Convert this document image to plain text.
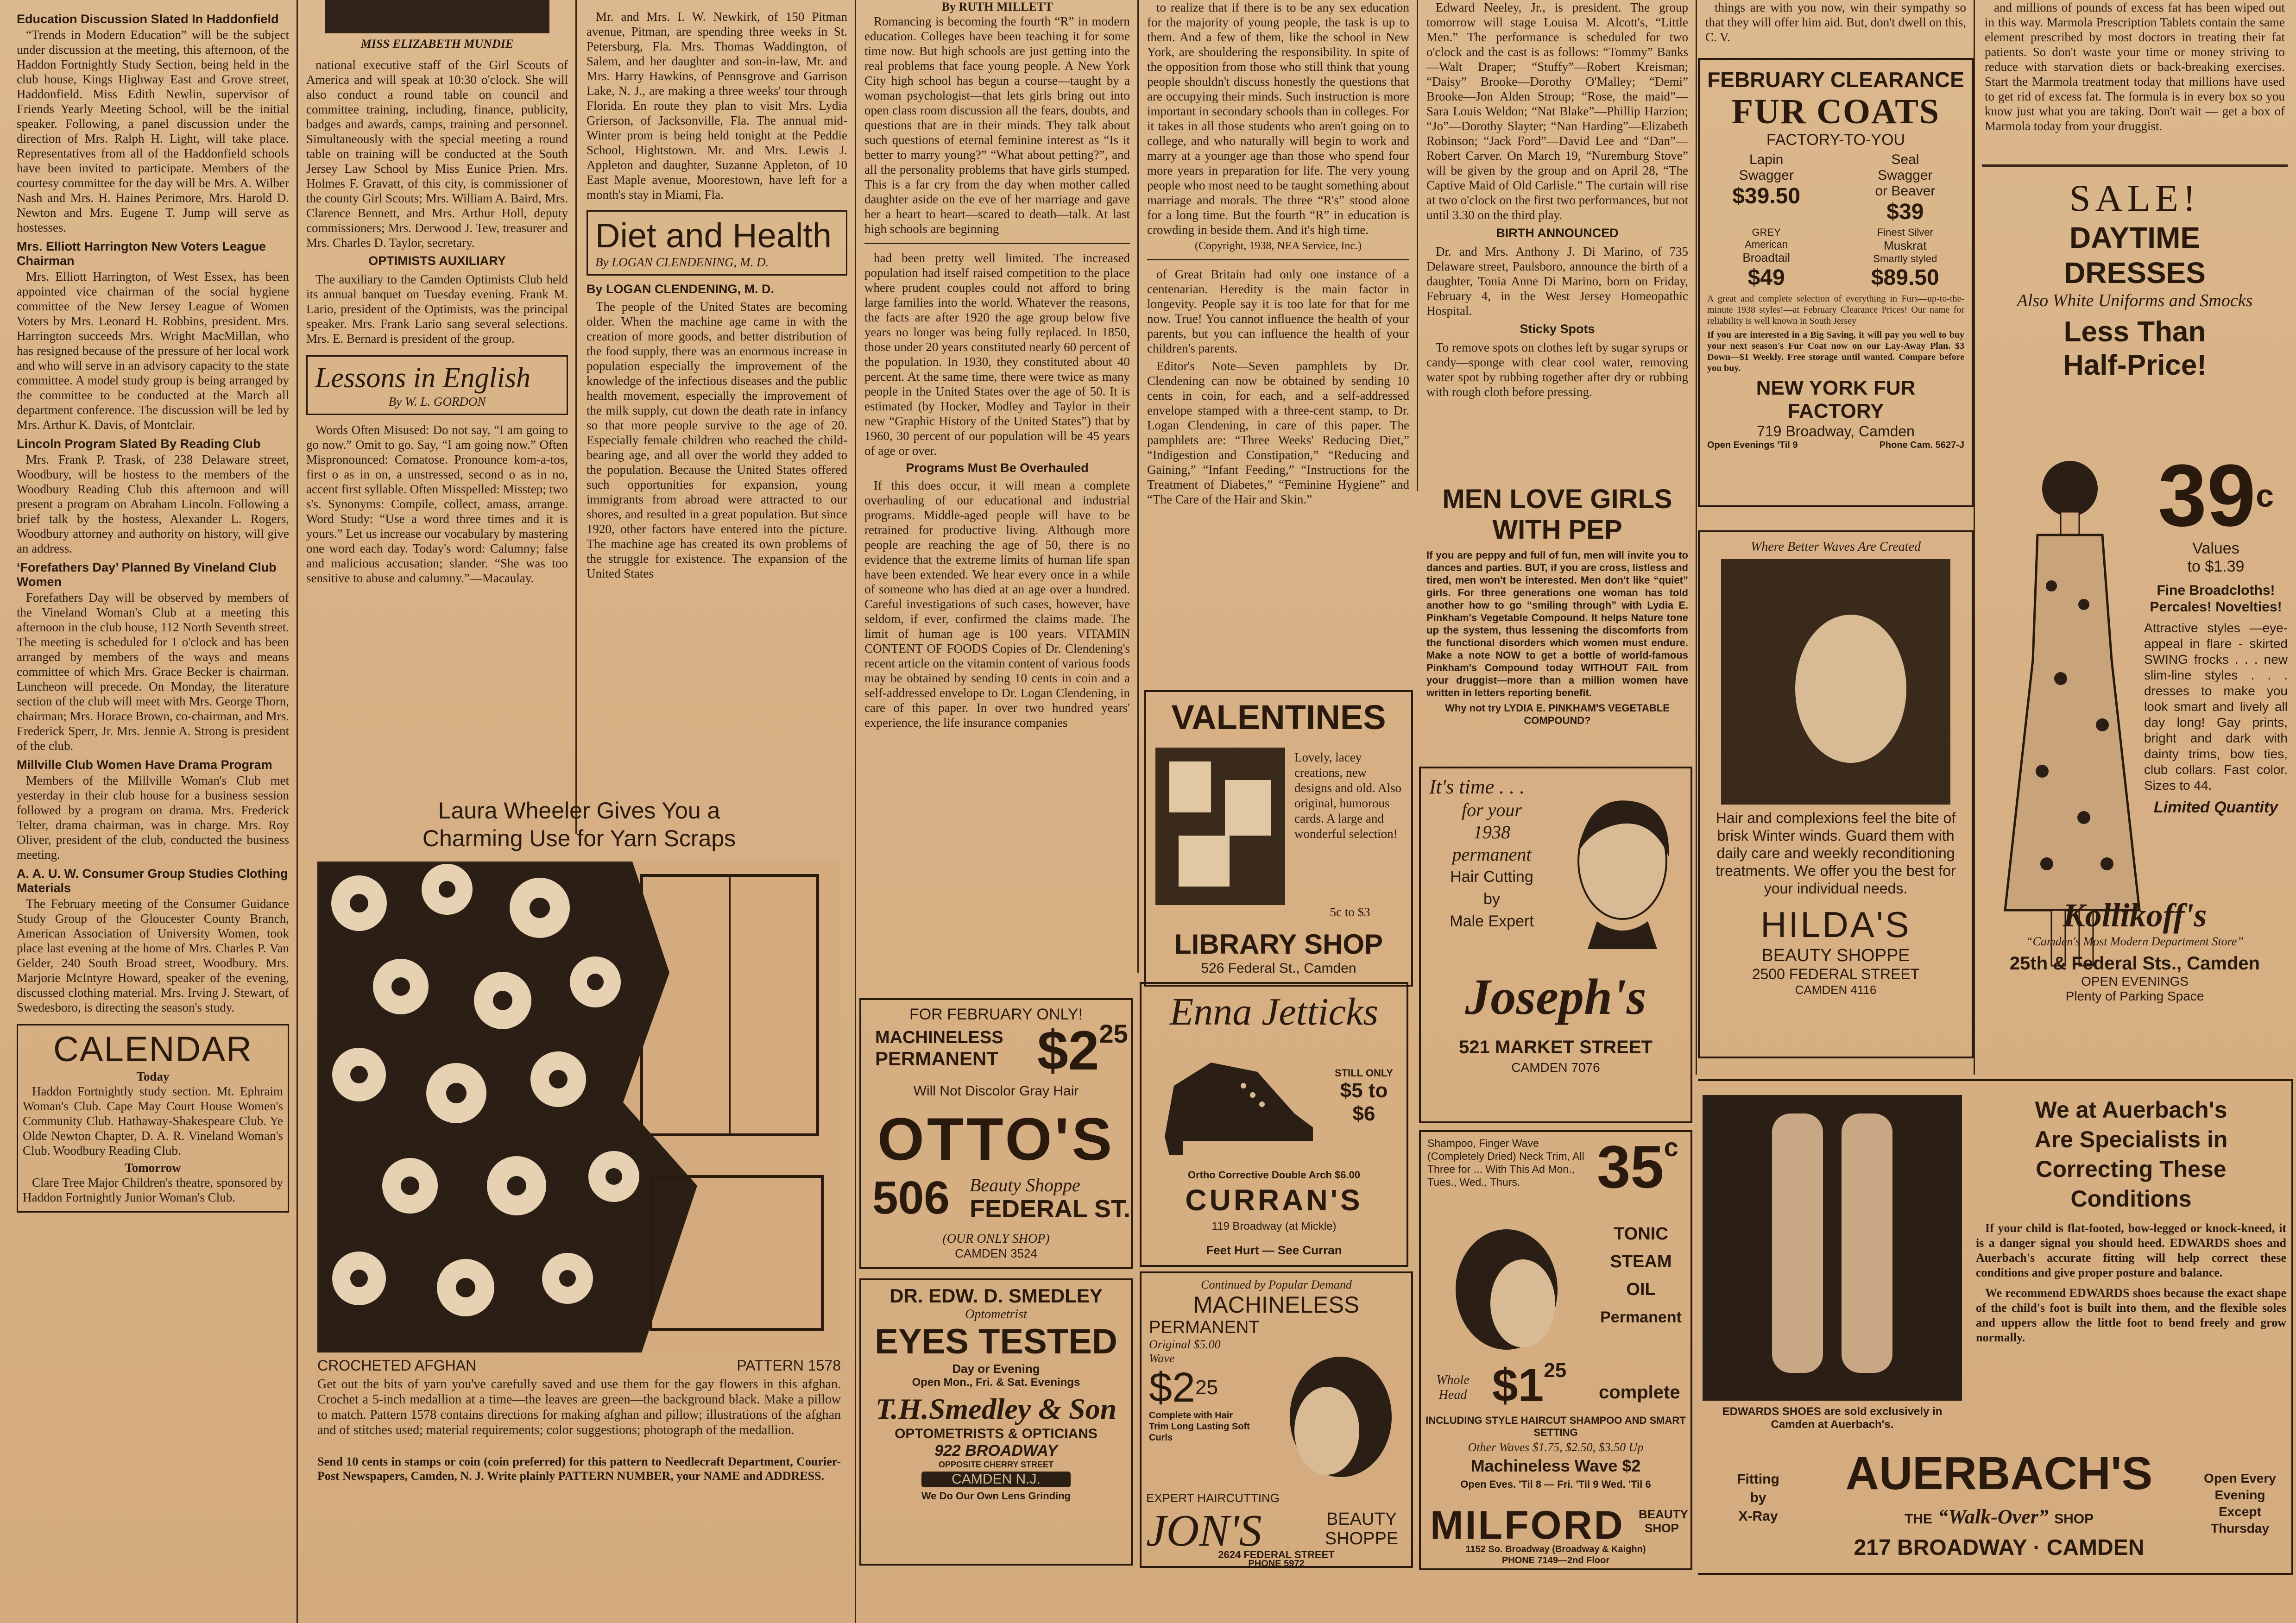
Education Discussion Slated In Haddonfield

“Trends in Modern Education” will be the subject under discussion at the meeting, this afternoon, of the Haddon Fortnightly Study Section, being held in the club house, Kings Highway East and Grove street, Haddonfield. Miss Edith Newlin, supervisor of Friends Yearly Meeting School, will be the initial speaker. Following, a panel discussion under the direction of Mrs. Ralph H. Light, will take place. Representatives from all of the Haddonfield schools have been invited to participate. Members of the courtesy committee for the day will be Mrs. A. Wilber Nash and Mrs. H. Haines Perimore, Mrs. Harold D. Newton and Mrs. Eugene T. Jump will serve as hostesses.

Mrs. Elliott Harrington New Voters League Chairman

Mrs. Elliott Harrington, of West Essex, has been appointed vice chairman of the social hygiene committee of the New Jersey League of Women Voters by Mrs. Leonard H. Robbins, president. Mrs. Harrington succeeds Mrs. Wright MacMillan, who has resigned because of the pressure of her local work and who will serve in an advisory capacity to the state committee. A model study group is being arranged by the committee to be conducted at the March all department conference. The discussion will be led by Mrs. Arthur K. Davis, of Montclair.

Lincoln Program Slated By Reading Club

Mrs. Frank P. Trask, of 238 Delaware street, Woodbury, will be hostess to the members of the Woodbury Reading Club this afternoon and will present a program on Abraham Lincoln. Following a brief talk by the hostess, Alexander L. Rogers, Woodbury attorney and authority on history, will give an address.

‘Forefathers Day’ Planned By Vineland Club Women

Forefathers Day will be observed by members of the Vineland Woman's Club at a meeting this afternoon in the club house, 112 North Seventh street. The meeting is scheduled for 1 o'clock and has been arranged by members of the ways and means committee of which Mrs. Grace Becker is chairman. Luncheon will precede. On Monday, the literature section of the club will meet with Mrs. George Thorn, chairman; Mrs. Horace Brown, co-chairman, and Mrs. Frederick Sperr, Jr. Mrs. Jennie A. Strong is president of the club.

Millville Club Women Have Drama Program

Members of the Millville Woman's Club met yesterday in their club house for a business session followed by a program on drama. Mrs. Frederick Telter, drama chairman, was in charge. Mrs. Roy Oliver, president of the club, conducted the business meeting.

A. A. U. W. Consumer Group Studies Clothing Materials

The February meeting of the Consumer Guidance Study Group of the Gloucester County Branch, American Association of University Women, took place last evening at the home of Mrs. Charles P. Van Gelder, 240 South Broad street, Woodbury. Mrs. Marjorie McIntyre Howard, speaker of the evening, discussed clothing material. Mrs. Irving J. Stewart, of Swedesboro, is directing the season's study.

CALENDAR
Today

Haddon Fortnightly study section. Mt. Ephraim Woman's Club. Cape May Court House Women's Community Club. Hathaway-Shakespeare Club. Ye Olde Newton Chapter, D. A. R. Vineland Woman's Club. Woodbury Reading Club.

Tomorrow

Clare Tree Major Children's theatre, sponsored by Haddon Fortnightly Junior Woman's Club.

MISS ELIZABETH MUNDIE

national executive staff of the Girl Scouts of America and will speak at 10:30 o'clock. She will also conduct a round table on council and committee training, including, finance, publicity, badges and awards, camps, training and personnel. Simultaneously with the special meeting a round table on training will be conducted at the South Jersey Law School by Miss Eunice Prien. Mrs. Holmes F. Gravatt, of this city, is commissioner of the county Girl Scouts; Mrs. William A. Baird, Mrs. Clarence Bennett, and Mrs. Arthur Holl, deputy commissioners; Mrs. Derwood J. Tew, treasurer and Mrs. Charles D. Taylor, secretary.

OPTIMISTS AUXILIARY

The auxiliary to the Camden Optimists Club held its annual banquet on Tuesday evening. Frank M. Lario, president of the Optimists, was the principal speaker. Mrs. Frank Lario sang several selections. Mrs. E. Bernard is president of the group.

Lessons in English
By W. L. GORDON

Words Often Misused: Do not say, “I am going to go now.” Omit to go. Say, “I am going now.” Often Mispronounced: Comatose. Pronounce kom-a-tos, first o as in on, a unstressed, second o as in no, accent first syllable. Often Misspelled: Misstep; two s's. Synonyms: Compile, collect, amass, arrange. Word Study: “Use a word three times and it is yours.” Let us increase our vocabulary by mastering one word each day. Today's word: Calumny; false and malicious accusation; slander. “She was too sensitive to abuse and calumny.”—Macaulay.

Mr. and Mrs. I. W. Newkirk, of 150 Pitman avenue, Pitman, are spending three weeks in St. Petersburg, Fla. Mrs. Thomas Waddington, of Salem, and her daughter and son-in-law, Mr. and Mrs. Harry Hawkins, of Pennsgrove and Garrison Lake, N. J., are making a three weeks' tour through Florida. En route they plan to visit Mrs. Lydia Grierson, of Jacksonville, Fla. The annual mid-Winter prom is being held tonight at the Peddie School, Hightstown. Mr. and Mrs. Lewis J. Appleton and daughter, Suzanne Appleton, of 10 East Maple avenue, Moorestown, have left for a month's stay in Miami, Fla.

Diet and Health
By LOGAN CLENDENING, M. D.
By LOGAN CLENDENING, M. D.

The people of the United States are becoming older. When the machine age came in with the creation of more goods, and better distribution of the food supply, there was an enormous increase in population especially the improvement of the knowledge of the infectious diseases and the public health movement, especially the improvement of the milk supply, cut down the death rate in infancy so that more people survive to the age of 20. Especially female children who reached the child-bearing age, and all over the world they added to the population. Because the United States offered such opportunities for expansion, young immigrants from abroad were attracted to our shores, and resulted in a great population. But since 1920, other factors have entered into the picture. The machine age has created its own problems of the struggle for existence. The expansion of the United States

By RUTH MILLETT

Romancing is becoming the fourth “R” in modern education. Colleges have been teaching it for some time now. But high schools are just getting into the real problems that face young people. A New York City high school has begun a course—taught by a woman psychologist—that lets girls bring out into open class room discussion all the fears, doubts, and questions that are in their minds. They talk about such questions of eternal feminine interest as “Is it better to marry young?” “What about petting?”, and all the personality problems that have girls stumped. This is a far cry from the day when mother called daughter aside on the eve of her marriage and gave her a heart to heart—scared to death—talk. At last high schools are beginning

had been pretty well limited. The increased population had itself raised competition to the place where prudent couples could not afford to bring large families into the world. Whatever the reasons, the facts are after 1920 the age group below five years no longer was being fully replaced. In 1850, those under 20 years constituted nearly 60 percent of the population. In 1930, they constituted about 40 percent. At the same time, there were twice as many people in the United States over the age of 50. It is estimated (by Hocker, Modley and Taylor in their new “Graphic History of the United States”) that by 1960, 30 percent of our population will be 45 years of age or over.

Programs Must Be Overhauled

If this does occur, it will mean a complete overhauling of our educational and industrial programs. Middle-aged people will have to be retrained for productive living. Although more people are reaching the age of 50, there is no evidence that the extreme limits of human life span have been extended. We hear every once in a while of someone who has died at an age over a hundred. Careful investigations of such cases, however, have seldom, if ever, confirmed the claims made. The limit of human age is 100 years. VITAMIN CONTENT OF FOODS Copies of Dr. Clendening's recent article on the vitamin content of various foods may be obtained by sending 10 cents in coin and a self-addressed envelope to Dr. Logan Clendening, in care of this paper. In over two hundred years' experience, the life insurance companies

to realize that if there is to be any sex education for the majority of young people, the task is up to them. And a few of them, like the school in New York, are shouldering the responsibility. In spite of the opposition from those who still think that young people shouldn't discuss honestly the questions that are occupying their minds. Such instruction is more important in secondary schools than in colleges. For it takes in all those students who aren't going on to college, and who naturally will begin to work and marry at a younger age than those who spend four more years in preparation for life. The very young people who most need to be taught something about marriage and morals. The three “R's” stood alone for a long time. But the fourth “R” in education is crowding in beside them. And it's high time.

(Copyright, 1938, NEA Service, Inc.)

of Great Britain had only one instance of a centenarian. Heredity is the main factor in longevity. People say it is too late for that for me now. True! You cannot influence the health of your parents, but you can influence the health of your children's parents.

Editor's Note—Seven pamphlets by Dr. Clendening can now be obtained by sending 10 cents in coin, for each, and a self-addressed envelope stamped with a three-cent stamp, to Dr. Logan Clendening, in care of this paper. The pamphlets are: “Three Weeks' Reducing Diet,” “Indigestion and Constipation,” “Reducing and Gaining,” “Infant Feeding,” “Instructions for the Treatment of Diabetes,” “Feminine Hygiene” and “The Care of the Hair and Skin.”

Edward Neeley, Jr., is president. The group tomorrow will stage Louisa M. Alcott's, “Little Men.” The performance is scheduled for two o'clock and the cast is as follows: “Tommy” Banks—Walt Draper; “Stuffy”—Robert Kreisman; “Daisy” Brooke—Dorothy O'Malley; “Demi” Brooke—Jon Alden Stroup; “Rose, the maid”—Sara Louis Weldon; “Nat Blake”—Phillip Harzion; “Jo”—Dorothy Slayter; “Nan Harding”—Elizabeth Robinson; “Jack Ford”—David Lee and “Dan”—Robert Carver. On March 19, “Nuremburg Stove” will be given by the group and on April 28, “The Captive Maid of Old Carlisle.” The curtain will rise at two o'clock on the first two performances, but not until 3.30 on the third play.

BIRTH ANNOUNCED

Dr. and Mrs. Anthony J. Di Marino, of 735 Delaware street, Paulsboro, announce the birth of a daughter, Tonia Anne Di Marino, born on Friday, February 4, in the West Jersey Homeopathic Hospital.

Sticky Spots

To remove spots on clothes left by sugar syrups or candy—sponge with clear cool water, removing water spot by rubbing together after dry or rubbing with rough cloth before pressing.

things are with you now, win their sympathy so that they will offer him aid. But, don't dwell on this, C. V.

and millions of pounds of excess fat has been wiped out in this way. Marmola Prescription Tablets contain the same element prescribed by most doctors in treating their fat patients. So don't waste your time or money striving to reduce with starvation diets or back-breaking exercises. Start the Marmola treatment today that millions have used to get rid of excess fat. The formula is in every box so you know just what you are taking. Don't wait — get a box of Marmola today from your druggist.

Laura Wheeler Gives You a
Charming Use for Yarn Scraps
CROCHETED AFGHAN	PATTERN 1578
Get out the bits of yarn you've carefully saved and use them for the gay flowers in this afghan. Crochet a 5-inch medallion at a time—the leaves are green—the background black. Make a pillow to match. Pattern 1578 contains directions for making afghan and pillow; illustrations of the afghan and of stitches used; material requirements; color suggestions; photograph of the medallion.
Send 10 cents in stamps or coin (coin preferred) for this pattern to Needlecraft Department, Courier-Post Newspapers, Camden, N. J. Write plainly PATTERN NUMBER, your NAME and ADDRESS.
FEBRUARY CLEARANCE
FUR COATS
FACTORY-TO-YOU
Lapin
Swagger
$39.50
Seal
Swagger
or Beaver
$39
GREY
American
Broadtail
$49
Finest Silver
Muskrat
Smartly styled
$89.50
A great and complete selection of everything in Furs—up-to-the-minute 1938 styles!—at February Clearance Prices! Our name for reliability is well known in South Jersey
If you are interested in a Big Saving, it will pay you well to buy your next season's Fur Coat now on our Lay-Away Plan. $3 Down—$1 Weekly. Free storage until wanted. Compare before you buy.
NEW YORK FUR FACTORY
719 Broadway, Camden
Open Evenings 'Til 9	Phone Cam. 5627-J
SALE!
DAYTIME
DRESSES
Also White Uniforms and Smocks
Less Than
Half-Price!
39$^c$
Values
to $1.39
Fine Broadcloths! Percales! Novelties!
Attractive styles —eye-appeal in flare - skirted SWING frocks . . . new slim-line styles . . . dresses to make you look smart and lively all day long! Gay prints, bright and dark with dainty trims, bow ties, club collars. Fast color. Sizes to 44.
Limited Quantity
Kollikoff's
“Camden's Most Modern Department Store”
25th & Federal Sts., Camden
OPEN EVENINGS
Plenty of Parking Space
Where Better Waves Are Created
Hair and complexions feel the bite of brisk Winter winds. Guard them with daily care and weekly reconditioning treatments. We offer you the best for your individual needs.
HILDA'S
BEAUTY SHOPPE
2500 FEDERAL STREET
CAMDEN 4116
MEN LOVE GIRLS
WITH PEP
If you are peppy and full of fun, men will invite you to dances and parties. BUT, if you are cross, listless and tired, men won't be interested. Men don't like “quiet” girls. For three generations one woman has told another how to go “smiling through” with Lydia E. Pinkham's Vegetable Compound. It helps Nature tone up the system, thus lessening the discomforts from the functional disorders which women must endure. Make a note NOW to get a bottle of world-famous Pinkham's Compound today WITHOUT FAIL from your druggist—more than a million women have written in letters reporting benefit.
Why not try LYDIA E. PINKHAM'S VEGETABLE COMPOUND?
VALENTINES
Lovely, lacey creations, new designs and old. Also original, humorous cards. A large and wonderful selection!
5c to $3
LIBRARY SHOP
526 Federal St., Camden
It's time . . .
for your
1938
permanent
Hair Cutting
by
Male Expert
Joseph's
521 MARKET STREET
CAMDEN 7076
FOR FEBRUARY ONLY!
MACHINELESS
PERMANENT $\$2^{25}$
Will Not Discolor Gray Hair
OTTO'S
506 Beauty Shoppe
FEDERAL ST.
(OUR ONLY SHOP)
CAMDEN 3524
Enna Jetticks
STILL ONLY
$5 to $6
Ortho Corrective Double Arch $6.00
CURRAN'S
119 Broadway (at Mickle)
Feet Hurt — See Curran
Shampoo, Finger Wave (Completely Dried) Neck Trim, All Three for ... With This Ad Mon., Tues., Wed., Thurs.	35$^c$
TONIC
STEAM
OIL
Permanent
Whole Head $\$1^{25}$
complete
INCLUDING STYLE HAIRCUT SHAMPOO AND SMART SETTING
Other Waves $1.75, $2.50, $3.50 Up
Machineless Wave $2
Open Eves. 'Til 8 — Fri. 'Til 9 Wed. 'Til 6
MILFORD BEAUTY SHOP
1152 So. Broadway (Broadway & Kaighn)
PHONE 7149—2nd Floor
DR. EDW. D. SMEDLEY
Optometrist
EYES TESTED
Day or Evening
Open Mon., Fri. & Sat. Evenings
T.H.Smedley & Son
OPTOMETRISTS & OPTICIANS
922 BROADWAY
OPPOSITE CHERRY STREET
CAMDEN N.J.
We Do Our Own Lens Grinding
Continued by Popular Demand
MACHINELESS
PERMANENT
Original $5.00 Wave
$\$2^{25}$
Complete with Hair Trim Long Lasting Soft Curls
EXPERT HAIRCUTTING
JON'S	BEAUTY SHOPPE
2624 FEDERAL STREET
PHONE 5972
EDWARDS SHOES are sold exclusively in Camden at Auerbach's.
We at Auerbach's
Are Specialists in
Correcting These
Conditions
If your child is flat-footed, bow-legged or knock-kneed, it is a danger signal you should heed. EDWARDS shoes and Auerbach's accurate fitting will help correct these conditions and give proper posture and balance.
We recommend EDWARDS shoes because the exact shape of the child's foot is built into them, and the flexible soles and uppers allow the little foot to bend freely and grow normally.
Fitting
by
X-Ray
AUERBACH'S
THE “Walk-Over” SHOP
217 BROADWAY · CAMDEN
Open Every
Evening
Except
Thursday
